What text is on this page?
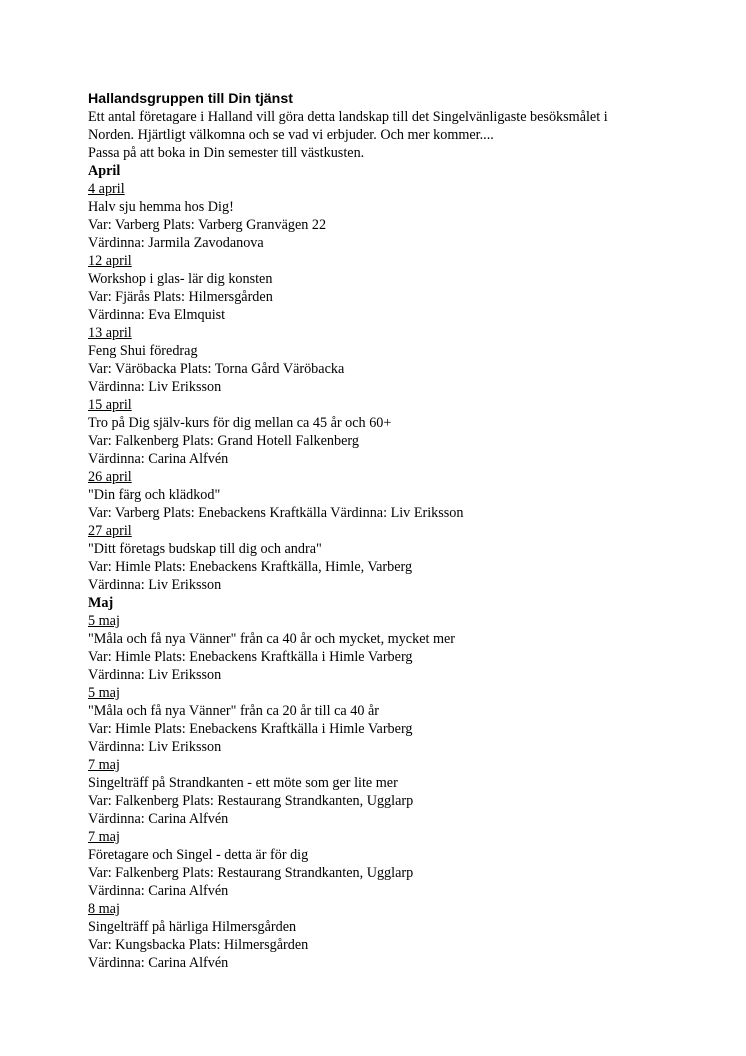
Hallandsgruppen till Din tjänst
Ett antal företagare i Halland vill göra detta landskap till det Singelvänligaste besöksmålet i
Norden. Hjärtligt välkomna och se vad vi erbjuder. Och mer kommer....
Passa på att boka in Din semester till västkusten.
April
4 april
Halv sju hemma hos Dig!
Var: Varberg Plats: Varberg Granvägen 22
Värdinna: Jarmila Zavodanova
12 april
Workshop i glas- lär dig konsten
Var: Fjärås Plats: Hilmersgården
Värdinna: Eva Elmquist
13 april
Feng Shui föredrag
Var: Väröbacka Plats: Torna Gård Väröbacka
Värdinna: Liv Eriksson
15 april
Tro på Dig själv-kurs för dig mellan ca 45 år och 60+
Var: Falkenberg Plats: Grand Hotell Falkenberg
Värdinna: Carina Alfvén
26 april
"Din färg och klädkod"
Var: Varberg Plats: Enebackens Kraftkälla Värdinna: Liv Eriksson
27 april
"Ditt företags budskap till dig och andra"
Var: Himle Plats: Enebackens Kraftkälla, Himle, Varberg
Värdinna: Liv Eriksson
Maj
5 maj
"Måla och få nya Vänner" från ca 40 år och mycket, mycket mer
Var: Himle Plats: Enebackens Kraftkälla i Himle Varberg
Värdinna: Liv Eriksson
5 maj
"Måla och få nya Vänner" från ca 20 år till ca 40 år
Var: Himle Plats: Enebackens Kraftkälla i Himle Varberg
Värdinna: Liv Eriksson
7 maj
Singelträff på Strandkanten - ett möte som ger lite mer
Var: Falkenberg Plats: Restaurang Strandkanten, Ugglarp
Värdinna: Carina Alfvén
7 maj
Företagare och Singel - detta är för dig
Var: Falkenberg Plats: Restaurang Strandkanten, Ugglarp
Värdinna: Carina Alfvén
8 maj
Singelträff på härliga Hilmersgården
Var: Kungsbacka Plats: Hilmersgården
Värdinna: Carina Alfvén
